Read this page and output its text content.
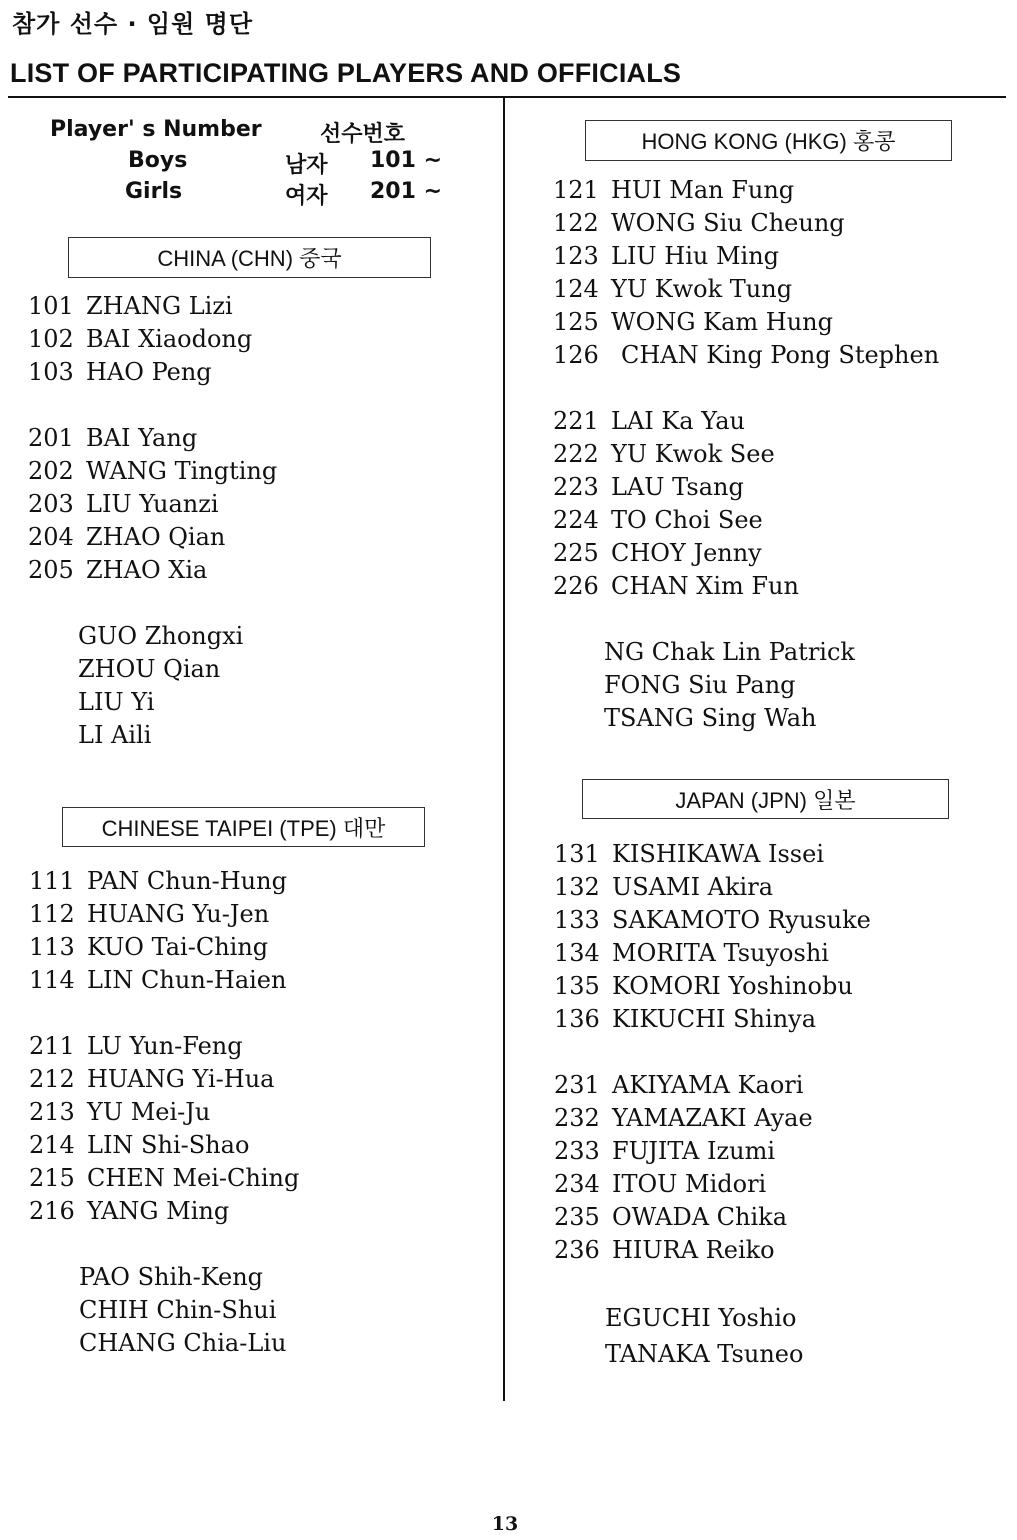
참가 선수 · 임원 명단
LIST OF PARTICIPATING PLAYERS AND OFFICIALS
Player' s Number	선수번호
Boys	남자 101 ~
Girls	여자 201 ~
CHINA (CHN) 중국
101 ZHANG Lizi
102 BAI Xiaodong
103 HAO Peng
201 BAI Yang
202 WANG Tingting
203 LIU Yuanzi
204 ZHAO Qian
205 ZHAO Xia
GUO Zhongxi
ZHOU Qian
LIU Yi
LI Aili
CHINESE TAIPEI (TPE) 대만
111 PAN Chun-Hung
112 HUANG Yu-Jen
113 KUO Tai-Ching
114 LIN Chun-Haien
211 LU Yun-Feng
212 HUANG Yi-Hua
213 YU Mei-Ju
214 LIN Shi-Shao
215 CHEN Mei-Ching
216 YANG Ming
PAO Shih-Keng
CHIH Chin-Shui
CHANG Chia-Liu
HONG KONG (HKG) 홍콩
121 HUI Man Fung
122 WONG Siu Cheung
123 LIU Hiu Ming
124 YU Kwok Tung
125 WONG Kam Hung
126 CHAN King Pong Stephen
221 LAI Ka Yau
222 YU Kwok See
223 LAU Tsang
224 TO Choi See
225 CHOY Jenny
226 CHAN Xim Fun
NG Chak Lin Patrick
FONG Siu Pang
TSANG Sing Wah
JAPAN (JPN) 일본
131 KISHIKAWA Issei
132 USAMI Akira
133 SAKAMOTO Ryusuke
134 MORITA Tsuyoshi
135 KOMORI Yoshinobu
136 KIKUCHI Shinya
231 AKIYAMA Kaori
232 YAMAZAKI Ayae
233 FUJITA Izumi
234 ITOU Midori
235 OWADA Chika
236 HIURA Reiko
EGUCHI Yoshio
TANAKA Tsuneo
13
